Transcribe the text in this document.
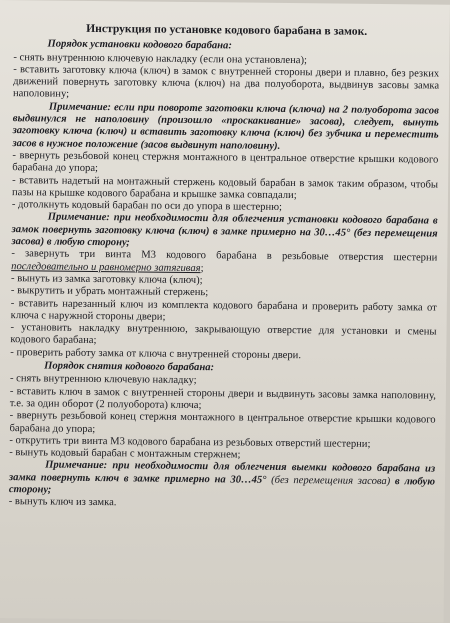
Инструкция по установке кодового барабана в замок.
Порядок установки кодового барабана:

- снять внутреннюю ключевую накладку (если она установлена);

- вставить заготовку ключа (ключ) в замок с внутренней стороны двери и плавно, без резких движений повернуть заготовку ключа (ключ) на два полуоборота, выдвинув засовы замка наполовину;

Примечание: если при повороте заготовки ключа (ключа) на 2 полуоборота засов выдвинулся не наполовину (произошло «проскакивание» засова), следует, вынуть заготовку ключа (ключ) и вставить заготовку ключа (ключ) без зубчика и переместить засов в нужное положение (засов выдвинут наполовину).

- ввернуть резьбовой конец стержня монтажного в центральное отверстие крышки кодового барабана до упора;

- вставить надетый на монтажный стержень кодовый барабан в замок таким образом, чтобы пазы на крышке кодового барабана и крышке замка совпадали;

- дотолкнуть кодовый барабан по оси до упора в шестерню;

Примечание: при необходимости для облегчения установки кодового барабана в замок повернуть заготовку ключа (ключ) в замке примерно на 30…45° (без перемещения засова) в любую сторону;

- завернуть три винта М3 кодового барабана в резьбовые отверстия шестерни последовательно и равномерно затягивая;

- вынуть из замка заготовку ключа (ключ);

- выкрутить и убрать монтажный стержень;

- вставить нарезанный ключ из комплекта кодового барабана и проверить работу замка от ключа с наружной стороны двери;

- установить накладку внутреннюю, закрывающую отверстие для установки и смены кодового барабана;

- проверить работу замка от ключа с внутренней стороны двери.

Порядок снятия кодового барабана:

- снять внутреннюю ключевую накладку;

- вставить ключ в замок с внутренней стороны двери и выдвинуть засовы замка наполовину, т.е. за один оборот (2 полуоборота) ключа;

- ввернуть резьбовой конец стержня монтажного в центральное отверстие крышки кодового барабана до упора;

- открутить три винта М3 кодового барабана из резьбовых отверстий шестерни;

- вынуть кодовый барабан с монтажным стержнем;

Примечание: при необходимости для облегчения выемки кодового барабана из замка повернуть ключ в замке примерно на 30…45° (без перемещения засова) в любую сторону;

- вынуть ключ из замка.
